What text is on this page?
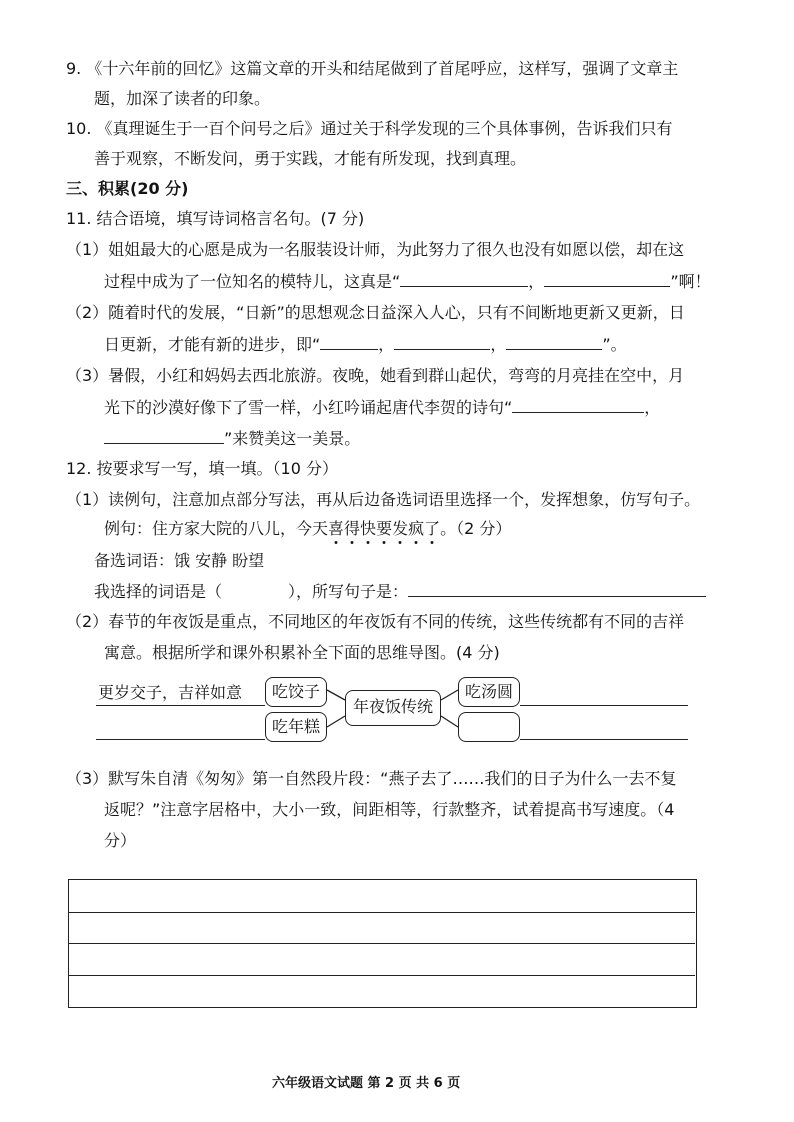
9. 《十六年前的回忆》这篇文章的开头和结尾做到了首尾呼应，这样写，强调了文章主
题，加深了读者的印象。
10. 《真理诞生于一百个问号之后》通过关于科学发现的三个具体事例，告诉我们只有
善于观察，不断发问，勇于实践，才能有所发现，找到真理。
三、积累(20 分)
11. 结合语境，填写诗词格言名句。(7 分)
（1）姐姐最大的心愿是成为一名服装设计师，为此努力了很久也没有如愿以偿，却在这
过程中成为了一位知名的模特儿，这真是“	，	”啊！
（2）随着时代的发展，“日新”的思想观念日益深入人心，只有不间断地更新又更新，日
日更新，才能有新的进步，即“	，	，	”。
（3）暑假，小红和妈妈去西北旅游。夜晚，她看到群山起伏，弯弯的月亮挂在空中，月
光下的沙漠好像下了雪一样，小红吟诵起唐代李贺的诗句“	，
”来赞美这一美景。
12. 按要求写一写，填一填。（10 分）
（1）读例句，注意加点部分写法，再从后边备选词语里选择一个，发挥想象，仿写句子。
例句：住方家大院的八儿，今天喜得快要发疯了。（2 分）
备选词语：饿 安静 盼望
我选择的词语是（	），所写句子是：
（2）春节的年夜饭是重点，不同地区的年夜饭有不同的传统，这些传统都有不同的吉祥
寓意。根据所学和课外积累补全下面的思维导图。(4 分)
更岁交子，吉祥如意	吃饺子
吃年糕
年夜饭传统
吃汤圆
（3）默写朱自清《匆匆》第一自然段片段：“燕子去了……我们的日子为什么一去不复
返呢？”注意字居格中，大小一致，间距相等，行款整齐，试着提高书写速度。（4
分）
六年级语文试题 第 2 页 共 6 页
